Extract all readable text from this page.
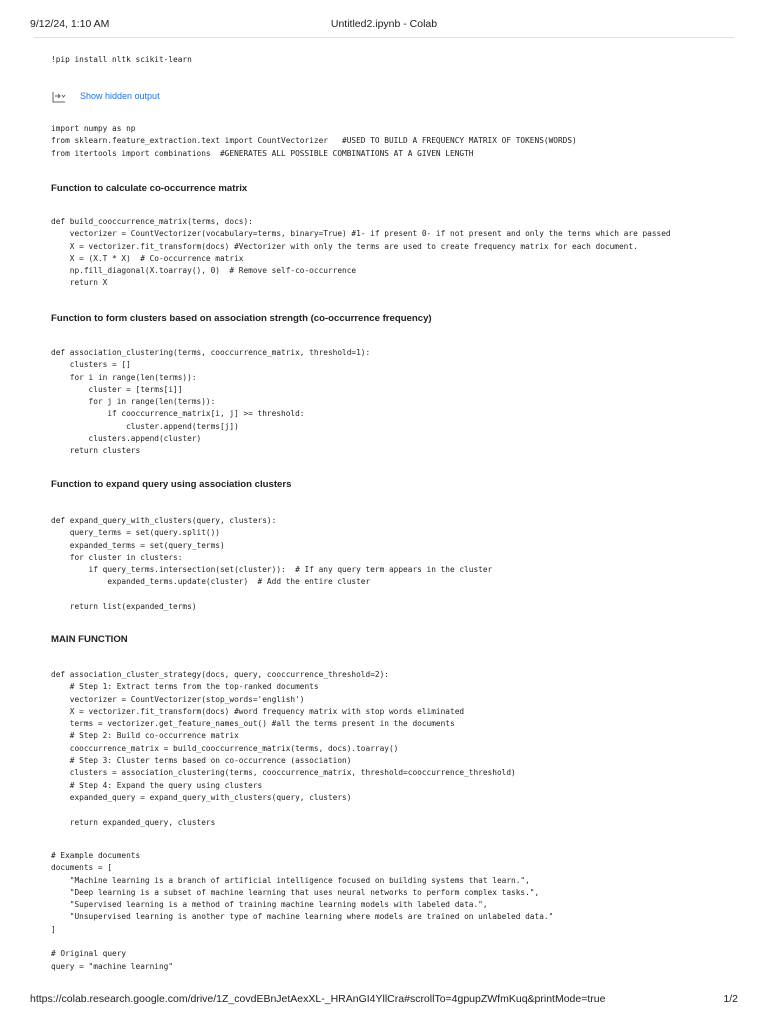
9/12/24, 1:10 AM	Untitled2.ipynb - Colab
!pip install nltk scikit-learn
Show hidden output
import numpy as np
from sklearn.feature_extraction.text import CountVectorizer   #USED TO BUILD A FREQUENCY MATRIX OF TOKENS(WORDS)
from itertools import combinations  #GENERATES ALL POSSIBLE COMBINATIONS AT A GIVEN LENGTH
Function to calculate co-occurrence matrix
def build_cooccurrence_matrix(terms, docs):
vectorizer = CountVectorizer(vocabulary=terms, binary=True) #1- if present 0- if not present and only the terms which are passed
X = vectorizer.fit_transform(docs) #Vectorizer with only the terms are used to create frequency matrix for each document.
X = (X.T * X)  # Co-occurrence matrix
np.fill_diagonal(X.toarray(), 0)  # Remove self-co-occurrence
return X
Function to form clusters based on association strength (co-occurrence frequency)
def association_clustering(terms, cooccurrence_matrix, threshold=1):
clusters = []
for i in range(len(terms)):
cluster = [terms[i]]
for j in range(len(terms)):
if cooccurrence_matrix[i, j] >= threshold:
cluster.append(terms[j])
clusters.append(cluster)
return clusters
Function to expand query using association clusters
def expand_query_with_clusters(query, clusters):
query_terms = set(query.split())
expanded_terms = set(query_terms)
for cluster in clusters:
if query_terms.intersection(set(cluster)):  # If any query term appears in the cluster
expanded_terms.update(cluster)  # Add the entire cluster

return list(expanded_terms)
MAIN FUNCTION
def association_cluster_strategy(docs, query, cooccurrence_threshold=2):
# Step 1: Extract terms from the top-ranked documents
vectorizer = CountVectorizer(stop_words='english')
X = vectorizer.fit_transform(docs) #word frequency matrix with stop words eliminated
terms = vectorizer.get_feature_names_out() #all the terms present in the documents
# Step 2: Build co-occurrence matrix
cooccurrence_matrix = build_cooccurrence_matrix(terms, docs).toarray()
# Step 3: Cluster terms based on co-occurrence (association)
clusters = association_clustering(terms, cooccurrence_matrix, threshold=cooccurrence_threshold)
# Step 4: Expand the query using clusters
expanded_query = expand_query_with_clusters(query, clusters)

return expanded_query, clusters
# Example documents
documents = [
"Machine learning is a branch of artificial intelligence focused on building systems that learn.",
"Deep learning is a subset of machine learning that uses neural networks to perform complex tasks.",
"Supervised learning is a method of training machine learning models with labeled data.",
"Unsupervised learning is another type of machine learning where models are trained on unlabeled data."
]

# Original query
query = "machine learning"
https://colab.research.google.com/drive/1Z_covdEBnJetAexXL-_HRAnGI4YllCra#scrollTo=4gpupZWfmKuq&printMode=true	1/2
